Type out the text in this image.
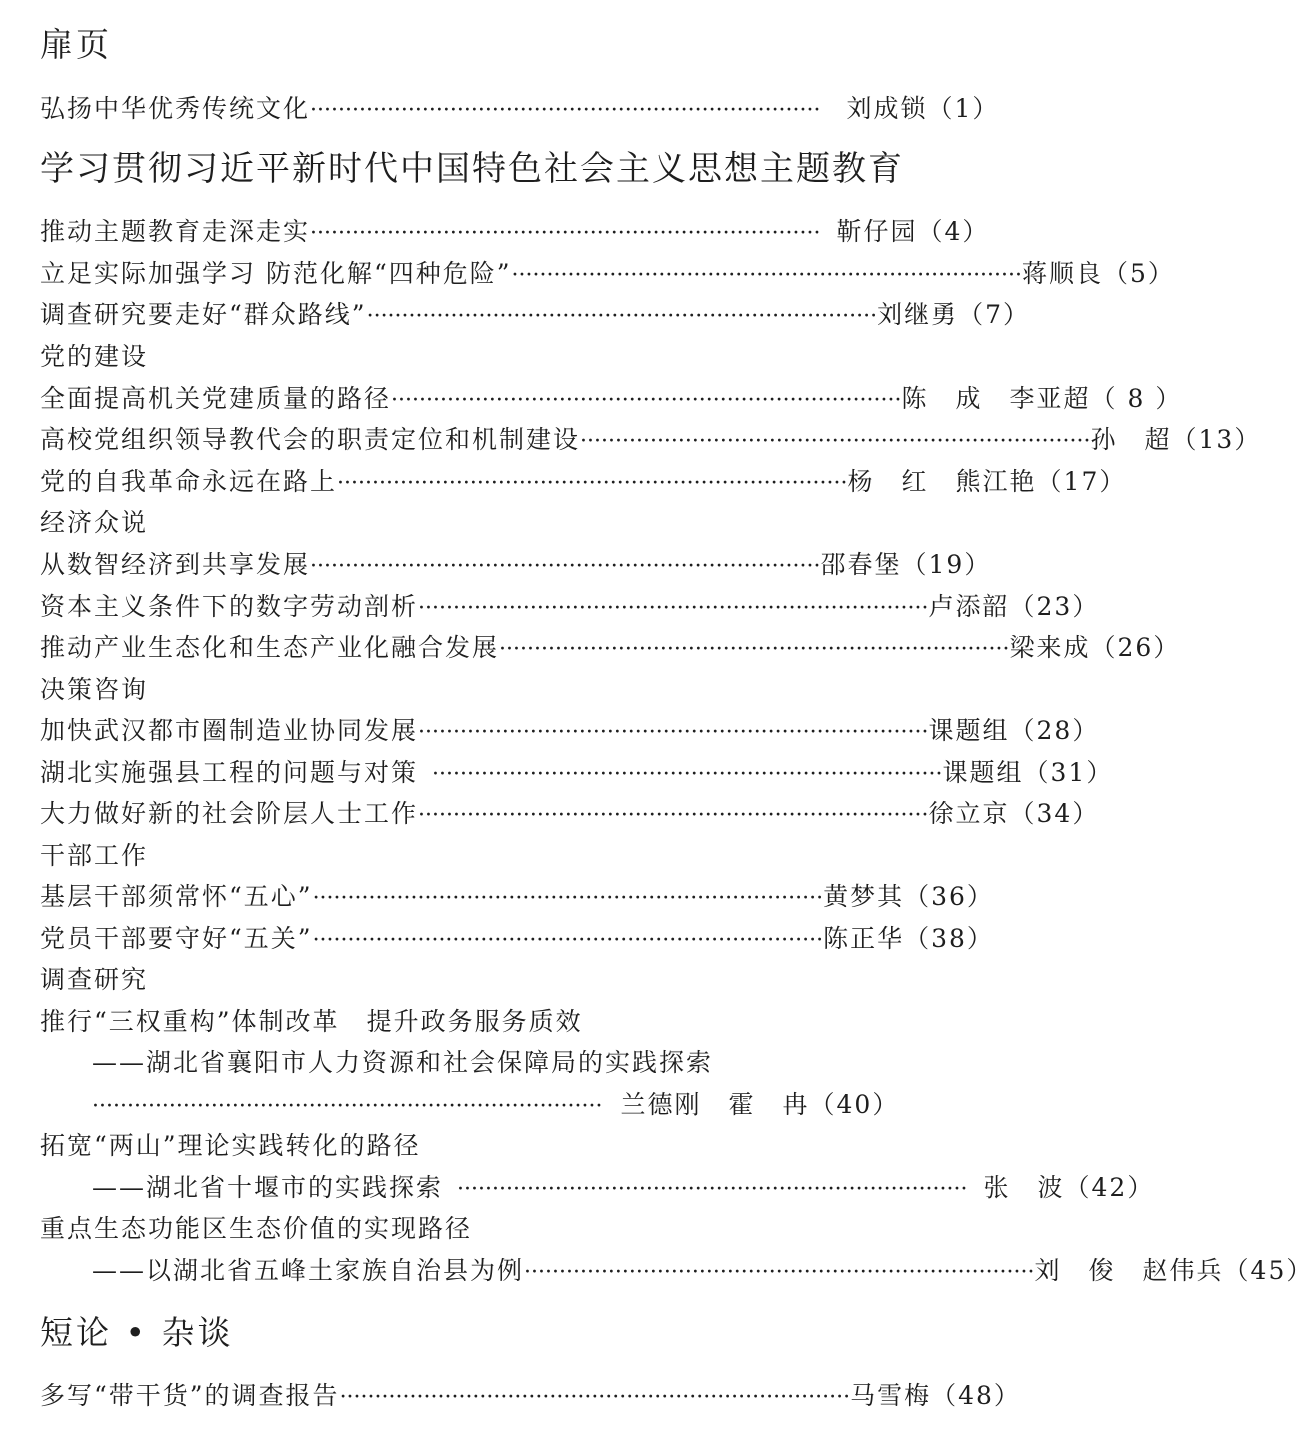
扉页
弘扬中华优秀传统文化 ········································································· 刘成锁（1）
学习贯彻习近平新时代中国特色社会主义思想主题教育
推动主题教育走深走实 ········································································· 靳仔园（4）
立足实际加强学习 防范化解“四种危险” ········································································· 蒋顺良（5）
调查研究要走好“群众路线” ········································································· 刘继勇（7）
党的建设
全面提高机关党建质量的路径 ········································································· 陈　成　李亚超（ 8 ）
高校党组织领导教代会的职责定位和机制建设 ········································································· 孙　超（13）
党的自我革命永远在路上 ········································································· 杨　红　熊江艳（17）
经济众说
从数智经济到共享发展 ········································································· 邵春堡（19）
资本主义条件下的数字劳动剖析 ········································································· 卢添韶（23）
推动产业生态化和生态产业化融合发展 ········································································· 梁来成（26）
决策咨询
加快武汉都市圈制造业协同发展 ········································································· 课题组（28）
湖北实施强县工程的问题与对策 ········································································· 课题组（31）
大力做好新的社会阶层人士工作 ········································································· 徐立京（34）
干部工作
基层干部须常怀“五心” ········································································· 黄梦其（36）
党员干部要守好“五关” ········································································· 陈正华（38）
调查研究
推行“三权重构”体制改革　提升政务服务质效
——湖北省襄阳市人力资源和社会保障局的实践探索
········································································· 兰德刚　霍　冉（40）
拓宽“两山”理论实践转化的路径
——湖北省十堰市的实践探索 ········································································· 张　波（42）
重点生态功能区生态价值的实现路径
——以湖北省五峰土家族自治县为例 ········································································· 刘　俊　赵伟兵（45）
短论 • 杂谈
多写“带干货”的调查报告 ········································································· 马雪梅（48）
